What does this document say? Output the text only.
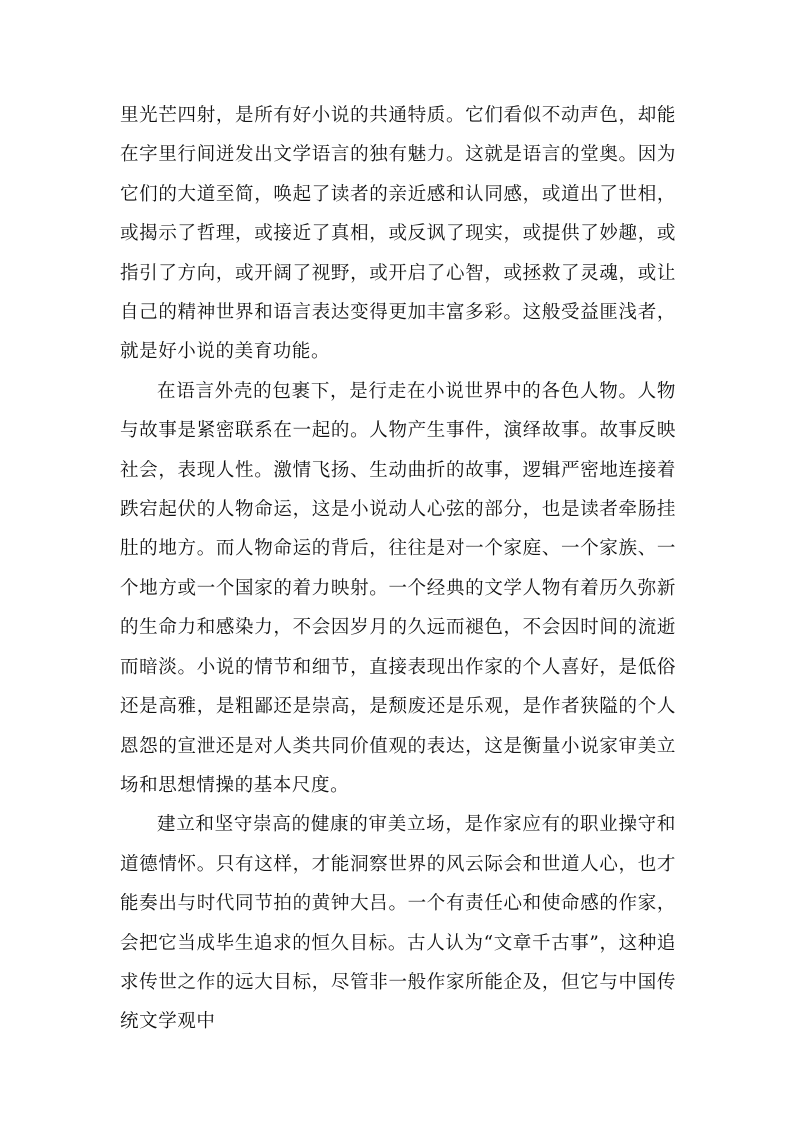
里光芒四射，是所有好小说的共通特质。它们看似不动声色，却能在字里行间迸发出文学语言的独有魅力。这就是语言的堂奥。因为它们的大道至简，唤起了读者的亲近感和认同感，或道出了世相，或揭示了哲理，或接近了真相，或反讽了现实，或提供了妙趣，或指引了方向，或开阔了视野，或开启了心智，或拯救了灵魂，或让自己的精神世界和语言表达变得更加丰富多彩。这般受益匪浅者，就是好小说的美育功能。

在语言外壳的包裹下，是行走在小说世界中的各色人物。人物与故事是紧密联系在一起的。人物产生事件，演绎故事。故事反映社会，表现人性。激情飞扬、生动曲折的故事，逻辑严密地连接着跌宕起伏的人物命运，这是小说动人心弦的部分，也是读者牵肠挂肚的地方。而人物命运的背后，往往是对一个家庭、一个家族、一个地方或一个国家的着力映射。一个经典的文学人物有着历久弥新的生命力和感染力，不会因岁月的久远而褪色，不会因时间的流逝而暗淡。小说的情节和细节，直接表现出作家的个人喜好，是低俗还是高雅，是粗鄙还是崇高，是颓废还是乐观，是作者狭隘的个人恩怨的宣泄还是对人类共同价值观的表达，这是衡量小说家审美立场和思想情操的基本尺度。

建立和坚守崇高的健康的审美立场，是作家应有的职业操守和道德情怀。只有这样，才能洞察世界的风云际会和世道人心，也才能奏出与时代同节拍的黄钟大吕。一个有责任心和使命感的作家，会把它当成毕生追求的恒久目标。古人认为“文章千古事”，这种追求传世之作的远大目标，尽管非一般作家所能企及，但它与中国传统文学观中
